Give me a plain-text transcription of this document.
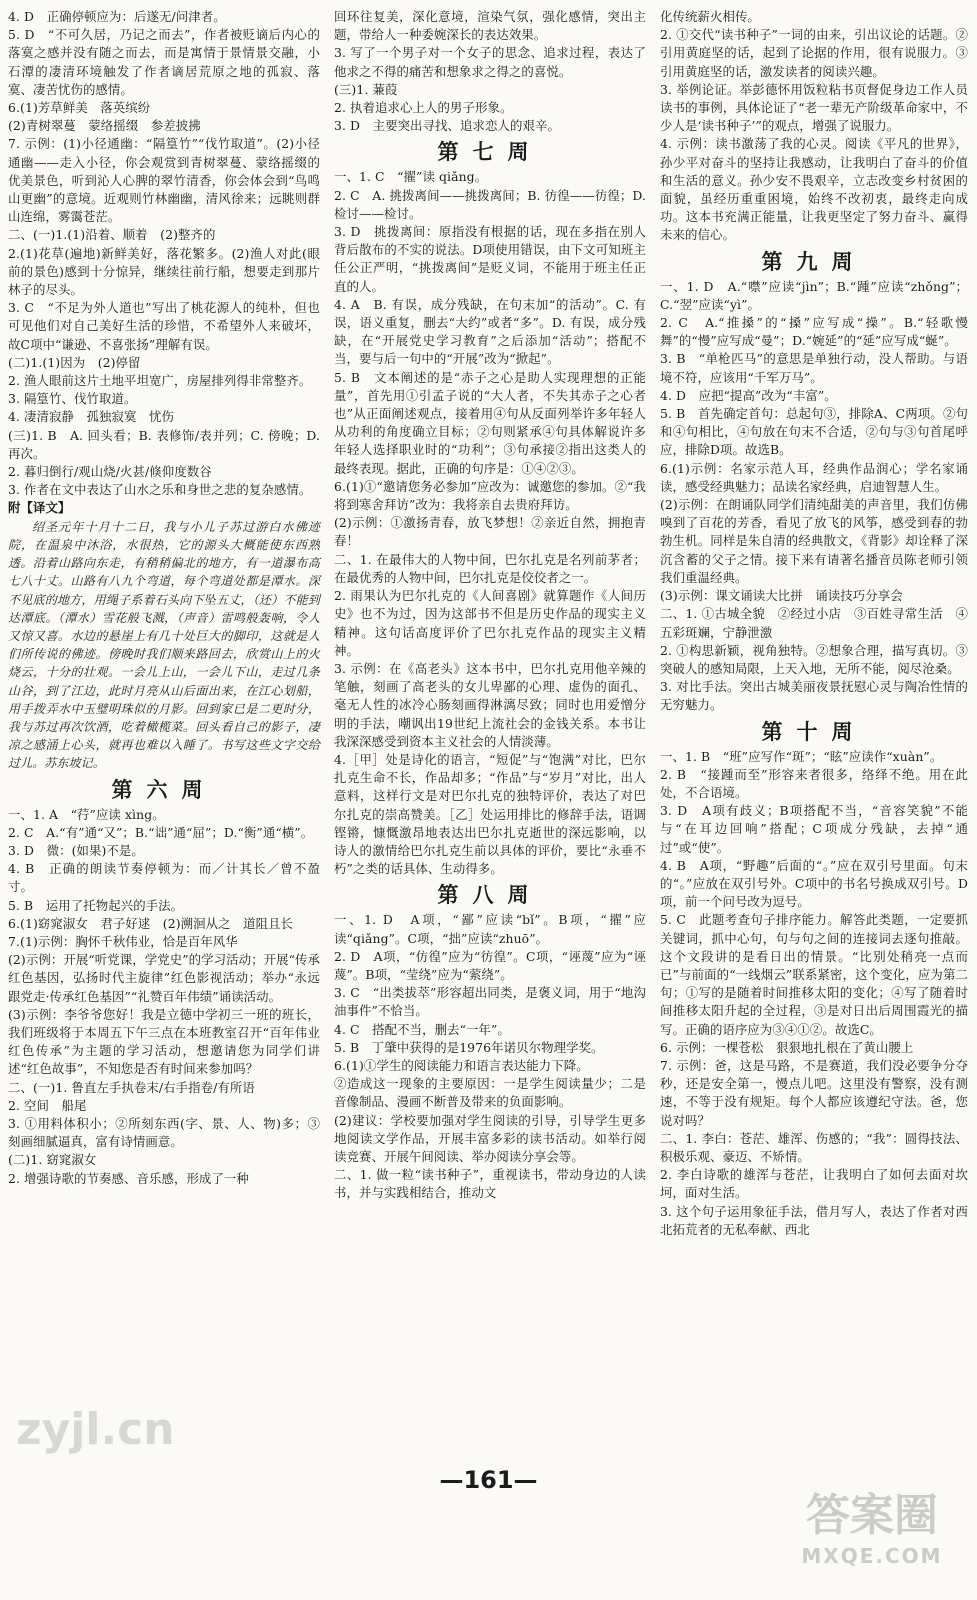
4. D　正确停顿应为：后遂无/问津者。

5. D　“不可久居，乃记之而去”，作者被贬谪后内心的落寞之感并没有随之而去，而是寓情于景情景交融，小石潭的凄清环境触发了作者谪居荒原之地的孤寂、落寞、凄苦忧伤的感情。

6.(1)芳草鲜美　落英缤纷

(2)青树翠蔓　蒙络摇缀　参差披拂

7. 示例：(1)小径通幽：“隔篁竹”“伐竹取道”。(2)小径通幽——走入小径，你会观赏到青树翠蔓、蒙络摇缀的优美景色，听到沁人心脾的翠竹清香，你会体会到“鸟鸣山更幽”的意境。近观则竹林幽幽，清风徐来；远眺则群山连绵，雾霭苍茫。

二、(一)1.(1)沿着、顺着　(2)整齐的

2.(1)花草(遍地)新鲜美好，落花繁多。(2)渔人对此(眼前的景色)感到十分惊异，继续往前行船，想要走到那片林子的尽头。

3. C　“不足为外人道也”写出了桃花源人的纯朴，但也可见他们对自己美好生活的珍惜，不希望外人来破坏，故C项中“谦逊、不喜张扬”理解有误。

(二)1.(1)因为　(2)停留

2. 渔人眼前这片土地平坦宽广，房屋排列得非常整齐。

3. 隔篁竹、伐竹取道。

4. 凄清寂静　孤独寂寞　忧伤

(三)1. B　A. 回头看；B. 表修饰/表并列；C. 傍晚；D. 再次。

2. 暮归倒行/观山烧/火甚/倏仰度数谷

3. 作者在文中表达了山水之乐和身世之悲的复杂感情。

附【译文】

绍圣元年十月十二日，我与小儿子苏过游白水佛迹院，在温泉中沐浴，水很热，它的源头大概能使东西熟透。沿着山路向东走，有稍稍偏北的地方，有一道瀑布高七八十丈。山路有八九个弯道，每个弯道处都是潭水。深不见底的地方，用绳子系着石头向下坠五丈，（还）不能到达潭底。（潭水）雪花般飞溅，（声音）雷鸣般轰响，令人又惊又喜。水边的悬崖上有几十处巨大的脚印，这就是人们所传说的佛迹。傍晚时我们顺来路回去，欣赏山上的火烧云，十分的壮观。一会儿上山，一会儿下山，走过几条山谷，到了江边，此时月亮从山后面出来，在江心划船，用手拨弄水中玉璧明珠似的月影。回到家已是二更时分，我与苏过再次饮酒，吃着橄榄菜。回头看自己的影子，凄凉之感涌上心头，就再也难以入睡了。书写这些文字交给过儿。苏东坡记。

第六周

一、1. A　“荇”应读 xìng。

2. C　A.“有”通“又”；B.“诎”通“屈”；D.“衡”通“横”。

3. D　微：(如果)不是。

4. B　正确的朗读节奏停顿为：而／计其长／曾不盈寸。

5. B　运用了托物起兴的手法。

6.(1)窈窕淑女　君子好逑　(2)溯洄从之　道阻且长

7.(1)示例：胸怀千秋伟业，恰是百年风华

(2)示例：开展“听党课，学党史”的学习活动；开展“传承红色基因，弘扬时代主旋律”红色影视活动；举办“永远跟党走·传承红色基因”“礼赞百年伟绩”诵读活动。

(3)示例：李爷爷您好！我是立德中学初三一班的班长，我们班级将于本周五下午三点在本班教室召开“百年伟业红色传承”为主题的学习活动，想邀请您为同学们讲述“红色故事”，不知您是否有时间来参加吗？

二、(一)1. 鲁直左手执卷末/右手指卷/有所语

2. 空间　船尾

3. ①用料体积小；②所刻东西(字、景、人、物)多；③刻画细腻逼真，富有诗情画意。

(二)1. 窈窕淑女

2. 增强诗歌的节奏感、音乐感，形成了一种

回环往复美，深化意境，渲染气氛，强化感情，突出主题，带给人一种委婉深长的表达效果。

3. 写了一个男子对一个女子的思念、追求过程，表达了他求之不得的痛苦和想象求之得之的喜悦。

(三)1. 蒹葭

2. 执着追求心上人的男子形象。

3. D　主要突出寻找、追求恋人的艰辛。

第七周

一、1. C　“擢”读 qiǎng。

2. C　A. 挑拨离间——挑拨离间；B. 彷徨——彷徨；D. 检讨——检讨。

3. D　挑拨离间：原指没有根据的话，现在多指在别人背后散布的不实的说法。D项使用错误，由下文可知班主任公正严明，“挑拨离间”是贬义词，不能用于班主任正直的人。

4. A　B. 有误，成分残缺，在句末加“的活动”。C. 有误，语义重复，删去“大约”或者“多”。D. 有误，成分残缺，在“开展党史学习教育”之后添加“活动”；搭配不当，要与后一句中的“开展”改为“掀起”。

5. B　文本阐述的是“赤子之心是助人实现理想的正能量”，首先用①引孟子说的“大人者，不失其赤子之心者也”从正面阐述观点，接着用④句从反面列举许多年轻人从功利的角度确立目标；②句则紧承④句具体解说许多年轻人选择职业时的“功利”；③句承接②指出这类人的最终表现。据此，正确的句序是：①④②③。

6.(1)①“邀请您务必参加”应改为：诚邀您的参加。②“我将到寒舍拜访”改为：我将亲自去贵府拜访。

(2)示例：①激扬青春，放飞梦想！②亲近自然，拥抱青春！

二、1. 在最伟大的人物中间，巴尔扎克是名列前茅者；在最优秀的人物中间，巴尔扎克是佼佼者之一。

2. 雨果认为巴尔扎克的《人间喜剧》就算题作《人间历史》也不为过，因为这部书不但是历史作品的现实主义精神。这句话高度评价了巴尔扎克作品的现实主义精神。

3. 示例：在《高老头》这本书中，巴尔扎克用他辛辣的笔触，刻画了高老头的女儿卑鄙的心理、虚伪的面孔、毫无人性的冰冷心肠刻画得淋漓尽致；同时也用爱憎分明的手法，嘲讽出19世纪上流社会的金钱关系。本书让我深深感受到资本主义社会的人情淡薄。

4.［甲］处是诗化的语言，“短促”与“饱满”对比，巴尔扎克生命不长，作品却多；“作品”与“岁月”对比，出人意料，这样行文是对巴尔扎克的独特评价，表达了对巴尔扎克的崇高赞美。［乙］处运用排比的修辞手法，语调铿锵，慷慨激昂地表达出巴尔扎克逝世的深远影响，以诗人的激情给巴尔扎克生前以具体的评价，要比“永垂不朽”之类的话具体、生动得多。

第八周

一、1. D　A项，“鄙”应读“bǐ”。B项，“擢”应读“qiǎng”。C项，“拙”应读“zhuō”。

2. D　A项，“仿徨”应为“彷徨”。C项，“诬蔑”应为“诬蔑”。B项，“莹绕”应为“萦绕”。

3. C　“出类拔萃”形容超出同类，是褒义词，用于“地沟油事件”不恰当。

4. C　搭配不当，删去“一年”。

5. B　丁肇中获得的是1976年诺贝尔物理学奖。

6.(1)①学生的阅读能力和语言表达能力下降。

②造成这一现象的主要原因：一是学生阅读量少；二是音像制品、漫画不断普及带来的负面影响。

(2)建议：学校要加强对学生阅读的引导，引导学生更多地阅读文学作品，开展丰富多彩的读书活动。如举行阅读竞赛、开展午间阅读、举办阅读分享会等。

二、1. 做一粒“读书种子”，重视读书，带动身边的人读书，并与实践相结合，推动文

化传统薪火相传。

2. ①交代“读书种子”一词的由来，引出议论的话题。②引用黄庭坚的话，起到了论据的作用，很有说服力。③引用黄庭坚的话，激发读者的阅读兴趣。

3. 举例论证。举彭德怀用饭粒粘书页督促身边工作人员读书的事例，具体论证了“老一辈无产阶级革命家中，不少人是‘读书种子’”的观点，增强了说服力。

4. 示例：读书激荡了我的心灵。阅读《平凡的世界》，孙少平对奋斗的坚持让我感动，让我明白了奋斗的价值和生活的意义。孙少安不畏艰辛，立志改变乡村贫困的面貌，虽经历重重困境，始终不改初衷，最终走向成功。这本书充满正能量，让我更坚定了努力奋斗、赢得未来的信心。

第九周

一、1. D　A.“噤”应读“jìn”；B.“踵”应读“zhǒng”；C.“翌”应读“yì”。

2. C　A.“推搡”的“搡”应写成“操”。B.“轻歌慢舞”的“慢”应写成“曼”；D.“婉延”的“延”应写成“蜒”。

3. B　“单枪匹马”的意思是单独行动，没人帮助。与语境不符，应该用“千军万马”。

4. D　应把“提高”改为“丰富”。

5. B　首先确定首句：总起句③，排除A、C两项。②句和④句相比，④句放在句末不合适，②句与③句首尾呼应，排除D项。故选B。

6.(1)示例：名家示范人耳，经典作品润心；学名家诵读，感受经典魅力；品读名家经典，启迪智慧人生。

(2)示例：在朗诵队同学们清纯甜美的声音里，我们仿佛嗅到了百花的芳香，看见了放飞的风筝，感受到春的勃勃生机。同样是朱自清的经典散文，《背影》却诠释了深沉含蓄的父子之情。接下来有请著名播音员陈老师引领我们重温经典。

(3)示例：课文诵读大比拼　诵读技巧分享会

二、1. ①古城全貌　②经过小店　③百姓寻常生活　④五彩斑斓，宁静泄激

2. ①构思新颖，视角独特。②想象合理，描写真切。③突破人的感知局限，上天入地，无所不能，阅尽沧桑。

3. 对比手法。突出古城美丽夜景抚慰心灵与陶冶性情的无穷魅力。

第十周

一、1. B　“班”应写作“斑”；“眩”应读作“xuàn”。

2. B　“接踵而至”形容来者很多，络绎不绝。用在此处，不合语境。

3. D　A项有歧义；B项搭配不当，“音容笑貌”不能与“在耳边回响”搭配；C项成分残缺，去掉“通过”或“使”。

4. B　A项，“野趣”后面的“。”应在双引号里面。句末的“。”应放在双引号外。C项中的书名号换成双引号。D项，前一个问号改为逗号。

5. C　此题考查句子排序能力。解答此类题，一定要抓关键词，抓中心句，句与句之间的连接词去逐句推敲。这个文段讲的是看日出的情景。“比别处稍亮一点而已”与前面的“一线烟云”联系紧密，这个变化，应为第二句；①写的是随着时间推移太阳的变化；④写了随着时间推移太阳升起的全过程，③是对日出后周围霞光的描写。正确的语序应为③④①②。故选C。

6. 示例：一棵苍松　狠狠地扎根在了黄山腰上

7. 示例：爸，这是马路，不是赛道，我们没必要争分夺秒，还是安全第一，慢点儿吧。这里没有警察，没有测速，不等于没有规矩。每个人都应该遵纪守法。爸，您说对吗？

二、1. 李白：苍茫、雄浑、伤感的；“我”：圆得技法、积极乐观、豪迈、不矫情。

2. 李白诗歌的雄浑与苍茫，让我明白了如何去面对坎坷，面对生活。

3. 这个句子运用象征手法，借月写人，表达了作者对西北拓荒者的无私奉献、西北

—161—
zyjl.cn
答案圈
MXQE.COM
